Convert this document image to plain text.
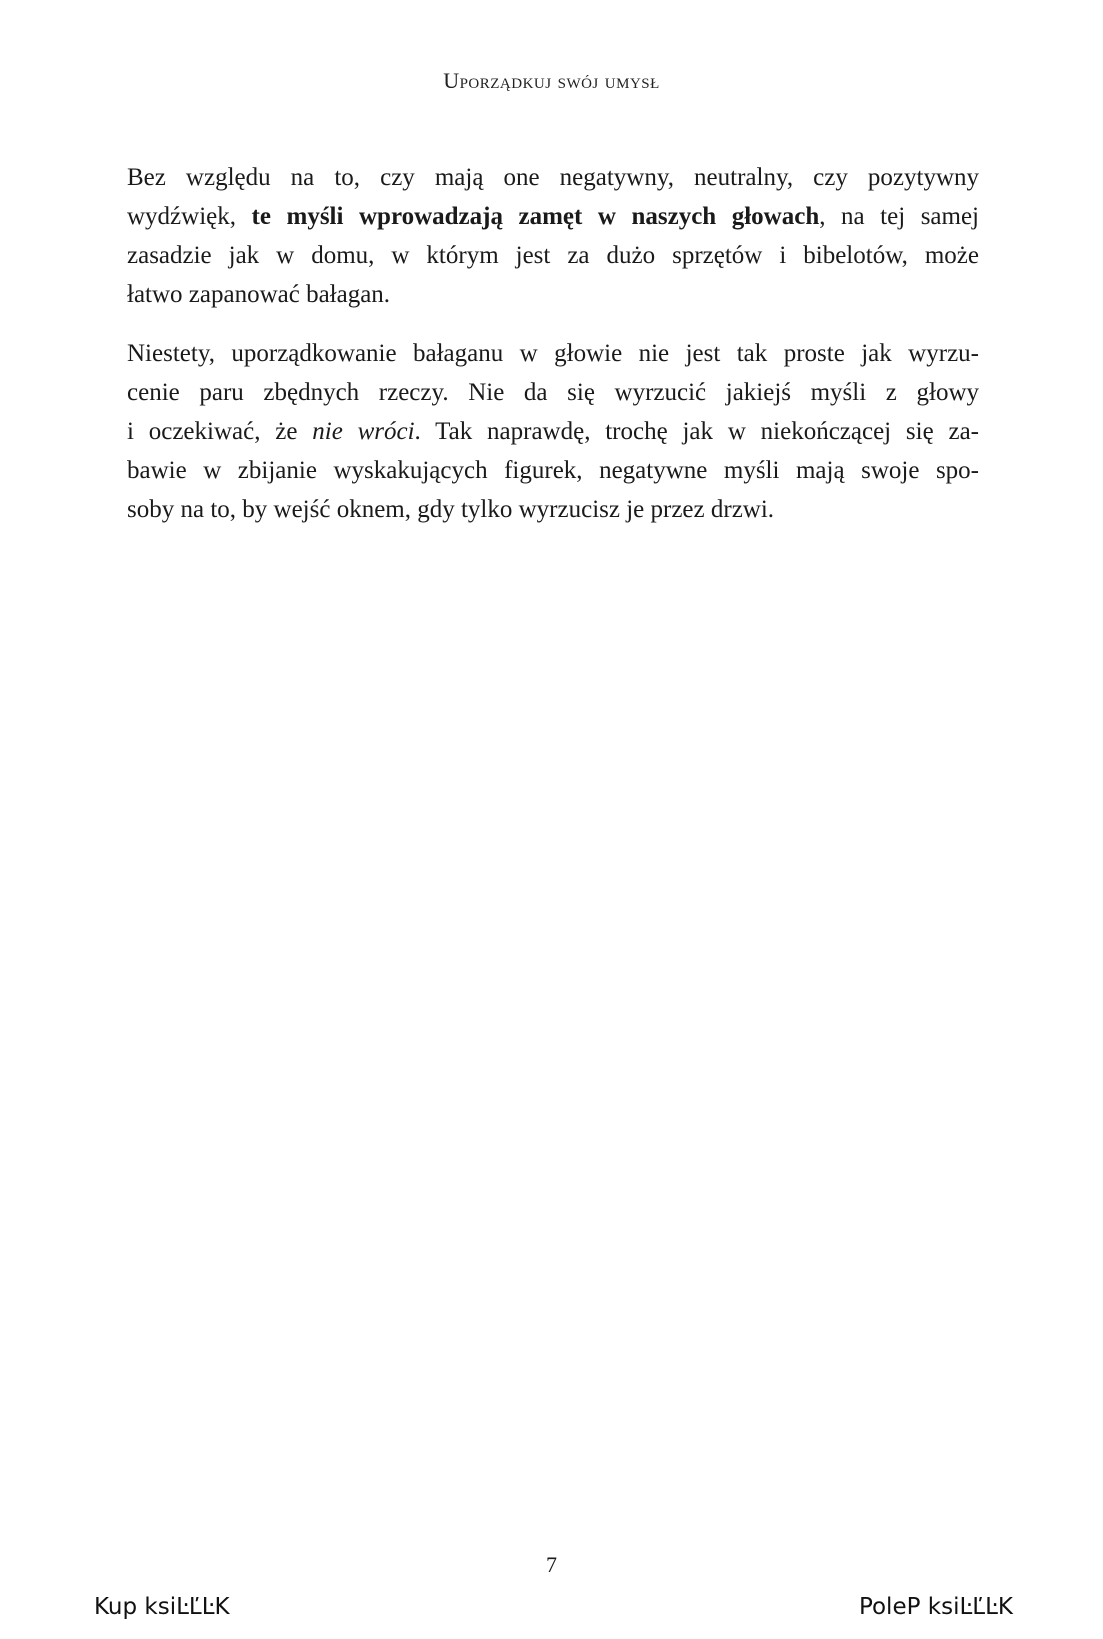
Uporządkuj swój umysł

Bez względu na to, czy mają one negatywny, neutralny, czy pozytywny
wydźwięk, te myśli wprowadzają zamęt w naszych głowach, na tej samej
zasadzie jak w domu, w którym jest za dużo sprzętów i bibelotów, może
łatwo zapanować bałagan.

Niestety, uporządkowanie bałaganu w głowie nie jest tak proste jak wyrzu-
cenie paru zbędnych rzeczy. Nie da się wyrzucić jakiejś myśli z głowy
i oczekiwać, że nie wróci. Tak naprawdę, trochę jak w niekończącej się za-
bawie w zbijanie wyskakujących figurek, negatywne myśli mają swoje spo-
soby na to, by wejść oknem, gdy tylko wyrzucisz je przez drzwi.

7
Kup ksiĿĽĿK	PoleP ksiĿĽĿK
